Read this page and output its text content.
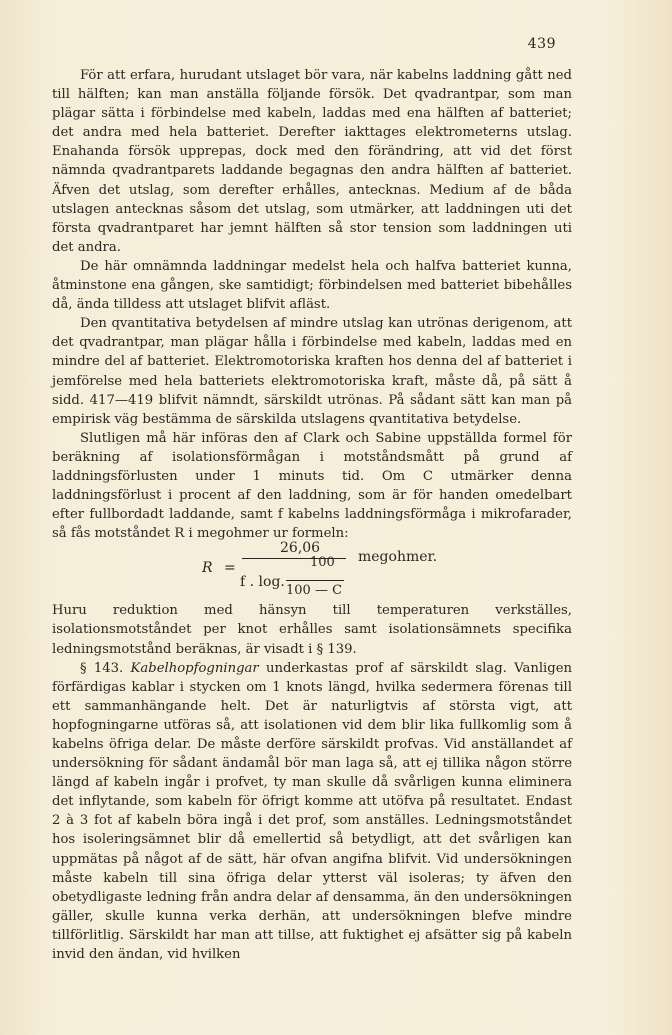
439

För att erfara, hurudant utslaget bör vara, när kabelns laddning gått ned till hälften; kan man anställa följande försök. Det qvadrantpar, som man plägar sätta i förbindelse med kabeln, laddas med ena hälften af batteriet; det andra med hela batteriet. Derefter iakttages elektrometerns utslag. Enahanda försök upprepas, dock med den förändring, att vid det först nämnda qvadrantparets laddande begagnas den andra hälften af batteriet. Äfven det utslag, som derefter erhålles, antecknas. Medium af de båda utslagen antecknas såsom det utslag, som utmärker, att laddningen uti det första qvadrantparet har jemnt hälften så stor tension som laddningen uti det andra.

De här omnämnda laddningar medelst hela och halfva batteriet kunna, åtminstone ena gången, ske samtidigt; förbindelsen med batteriet bibehålles då, ända tilldess att utslaget blifvit afläst.

Den qvantitativa betydelsen af mindre utslag kan utrönas derigenom, att det qvadrantpar, man plägar hålla i förbindelse med kabeln, laddas med en mindre del af batteriet. Elektromotoriska kraften hos denna del af batteriet i jemförelse med hela batteriets elektromotoriska kraft, måste då, på sätt å sidd. 417—419 blifvit nämndt, särskildt utrönas. På sådant sätt kan man på empirisk väg bestämma de särskilda utslagens qvantitativa betydelse.

Slutligen må här införas den af Clark och Sabine uppställda formel för beräkning af isolationsförmågan i motståndsmått på grund af laddningsförlusten under 1 minuts tid. Om C utmärker denna laddningsförlust i procent af den laddning, som är för handen omedelbart efter fullbordadt laddande, samt f kabelns laddningsförmåga i mikrofarader, så fås motståndet R i megohmer ur formeln:

R =
26,06
f . log.
100
100 — C
megohmer.

Huru reduktion med hänsyn till temperaturen verkställes, isolationsmotståndet per knot erhålles samt isolationsämnets specifika ledningsmotstånd beräknas, är visadt i § 139.

§ 143. Kabelhopfogningar underkastas prof af särskildt slag. Vanligen förfärdigas kablar i stycken om 1 knots längd, hvilka sedermera förenas till ett sammanhängande helt. Det är naturligtvis af största vigt, att hopfogningarne utföras så, att isolationen vid dem blir lika fullkomlig som å kabelns öfriga delar. De måste derföre särskildt profvas. Vid anställandet af undersökning för sådant ändamål bör man laga så, att ej tillika någon större längd af kabeln ingår i profvet, ty man skulle då svårligen kunna eliminera det inflytande, som kabeln för öfrigt komme att utöfva på resultatet. Endast 2 à 3 fot af kabeln böra ingå i det prof, som anställes. Ledningsmotståndet hos isoleringsämnet blir då emellertid så betydligt, att det svårligen kan uppmätas på något af de sätt, här ofvan angifna blifvit. Vid undersökningen måste kabeln till sina öfriga delar ytterst väl isoleras; ty äfven den obetydligaste ledning från andra delar af densamma, än den undersökningen gäller, skulle kunna verka derhän, att undersökningen blefve mindre tillförlitlig. Särskildt har man att tillse, att fuktighet ej afsätter sig på kabeln invid den ändan, vid hvilken
